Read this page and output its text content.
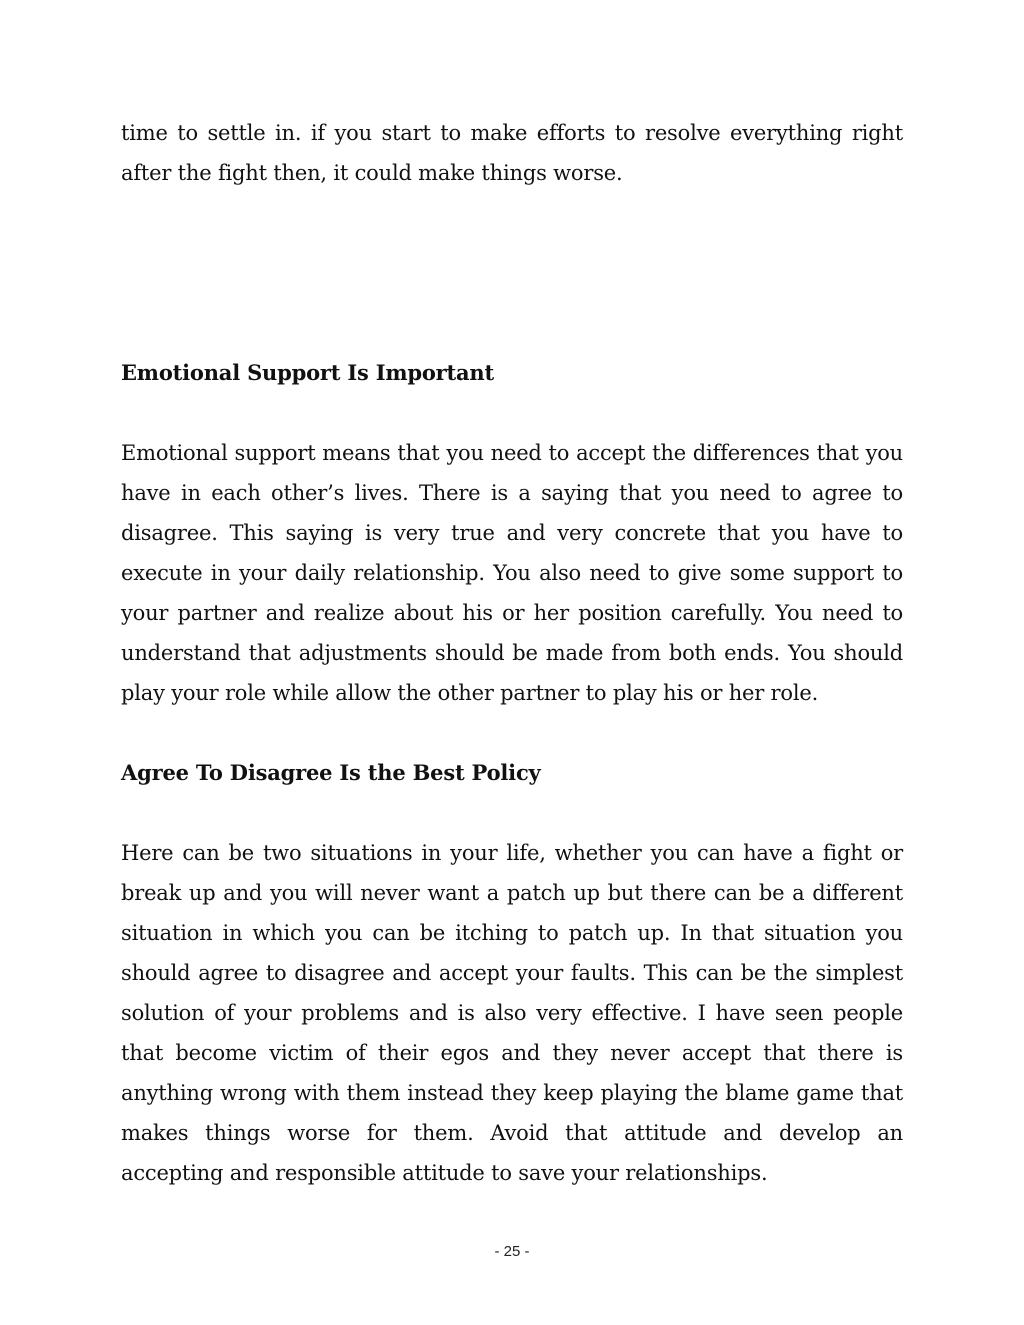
time to settle in. if you start to make efforts to resolve everything right after the fight then, it could make things worse.

Emotional Support Is Important

Emotional support means that you need to accept the differences that you have in each other’s lives. There is a saying that you need to agree to disagree. This saying is very true and very concrete that you have to execute in your daily relationship. You also need to give some support to your partner and realize about his or her position carefully. You need to understand that adjustments should be made from both ends. You should play your role while allow the other partner to play his or her role.

Agree To Disagree Is the Best Policy

Here can be two situations in your life, whether you can have a fight or break up and you will never want a patch up but there can be a different situation in which you can be itching to patch up. In that situation you should agree to disagree and accept your faults. This can be the simplest solution of your problems and is also very effective. I have seen people that become victim of their egos and they never accept that there is anything wrong with them instead they keep playing the blame game that makes things worse for them. Avoid that attitude and develop an accepting and responsible attitude to save your relationships.

- 25 -
